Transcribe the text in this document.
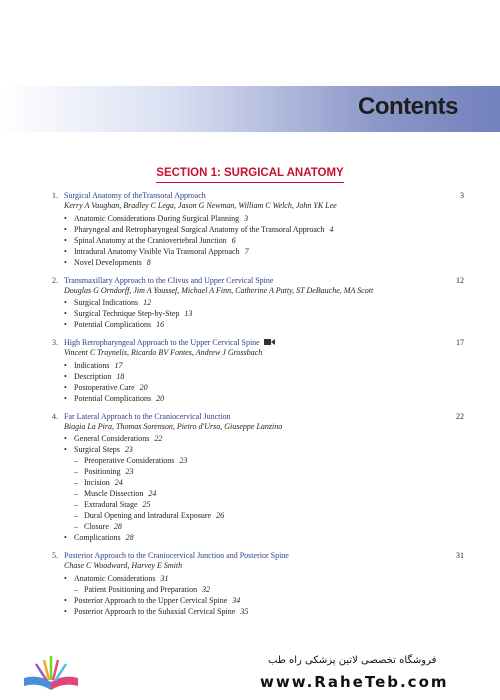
Contents
SECTION 1: SURGICAL ANATOMY
1. Surgical Anatomy of theTransoral Approach	3
Kerry A Vaughan, Bradley C Lega, Jason G Newman, William C Welch, John YK Lee
• Anatomic Considerations During Surgical Planning 3
• Pharyngeal and Retropharyngeal Surgical Anatomy of the Transoral Approach 4
• Spinal Anatomy at the Craniovertebral Junction 6
• Intradural Anatomy Visible Via Transoral Approach 7
• Novel Developments 8
2. Transmaxillary Approach to the Clivus and Upper Cervical Spine	12
Douglas G Orndorff, Jim A Youssef, Michael A Finn, Catherine A Patty, ST DeBauche, MA Scott
• Surgical Indications 12
• Surgical Technique Step-by-Step 13
• Potential Complications 16
3. High Retropharyngeal Approach to the Upper Cervical Spine	17
Vincent C Traynelis, Ricardo BV Fontes, Andrew J Grossbach
• Indications 17
• Description 18
• Postoperative Care 20
• Potential Complications 20
4. Far Lateral Approach to the Craniocervical Junction	22
Biagia La Pira, Thomas Sorenson, Pietro d'Urso, Giuseppe Lanzino
• General Considerations 22
• Surgical Steps 23
– Preoperative Considerations 23
– Positioning 23
– Incision 24
– Muscle Dissection 24
– Extradural Stage 25
– Dural Opening and Intradural Exposure 26
– Closure 28
• Complications 28
5. Posterior Approach to the Craniocervical Junction and Posterior Spine	31
Chase C Woodward, Harvey E Smith
• Anatomic Considerations 31
– Patient Positioning and Preparation 32
• Posterior Approach to the Upper Cervical Spine 34
• Posterior Approach to the Subaxial Cervical Spine 35
فروشگاه تخصصی لاتین پزشکی راه طب
www.RaheTeb.com
